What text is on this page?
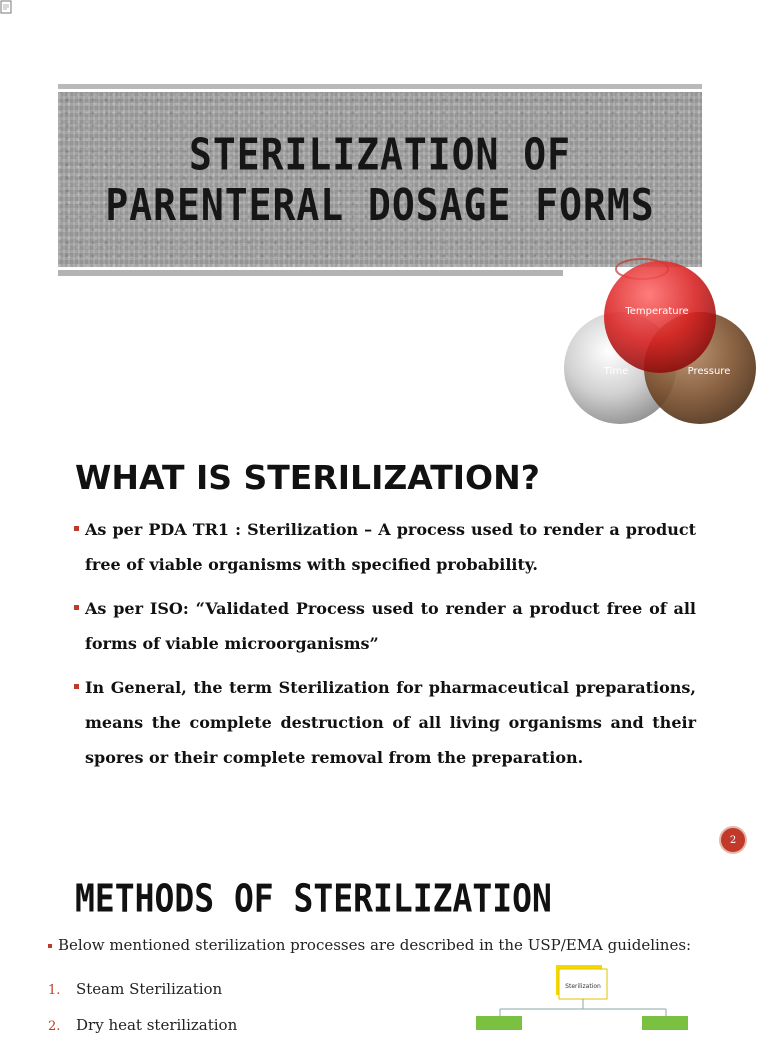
STERILIZATION OF PARENTERAL DOSAGE FORMS
Temperature
Time	Pressure
WHAT IS STERILIZATION?
As per PDA TR1 : Sterilization – A process used to render a product free of viable organisms with specified probability.
As per ISO: “Validated Process used to render a product free of all forms of viable microorganisms”
In General, the term Sterilization for pharmaceutical preparations, means the complete destruction of all living organisms and their spores or their complete removal from the preparation.
2
METHODS OF STERILIZATION
Below mentioned sterilization processes are described in the USP/EMA guidelines:
1. Steam Sterilization
2. Dry heat sterilization
Sterilization
